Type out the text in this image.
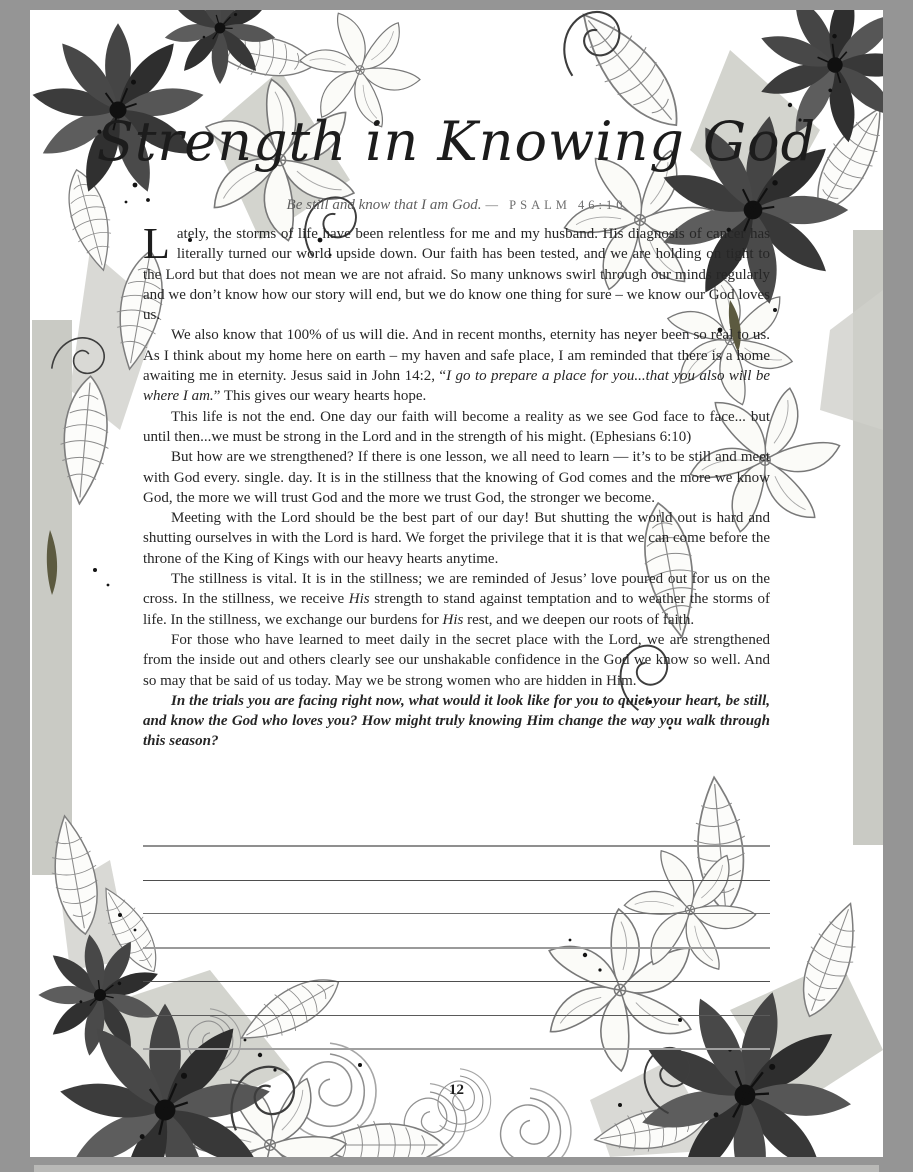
Strength in Knowing God
Be still and know that I am God. — PSALM 46:10

Lately, the storms of life have been relentless for me and my husband. His diagnosis of cancer has literally turned our world upside down. Our faith has been tested, and we are holding on tight to the Lord but that does not mean we are not afraid. So many unknows swirl through our minds regularly and we don’t know how our story will end, but we do know one thing for sure – we know our God loves us.

We also know that 100% of us will die. And in recent months, eternity has never been so real to us. As I think about my home here on earth – my haven and safe place, I am reminded that there is a home awaiting me in eternity. Jesus said in John 14:2, “I go to prepare a place for you...that you also will be where I am.” This gives our weary hearts hope.

This life is not the end. One day our faith will become a reality as we see God face to face... but until then...we must be strong in the Lord and in the strength of his might. (Ephesians 6:10)

But how are we strengthened? If there is one lesson, we all need to learn — it’s to be still and meet with God every. single. day. It is in the stillness that the knowing of God comes and the more we know God, the more we will trust God and the more we trust God, the stronger we become.

Meeting with the Lord should be the best part of our day! But shutting the world out is hard and shutting ourselves in with the Lord is hard. We forget the privilege that it is that we can come before the throne of the King of Kings with our heavy hearts anytime.

The stillness is vital. It is in the stillness; we are reminded of Jesus’ love poured out for us on the cross. In the stillness, we receive His strength to stand against temptation and to weather the storms of life. In the stillness, we exchange our burdens for His rest, and we deepen our roots of faith.

For those who have learned to meet daily in the secret place with the Lord, we are strengthened from the inside out and others clearly see our unshakable confidence in the God we know so well. And so may that be said of us today. May we be strong women who are hidden in Him.

In the trials you are facing right now, what would it look like for you to quiet your heart, be still, and know the God who loves you? How might truly knowing Him change the way you walk through this season?

12
